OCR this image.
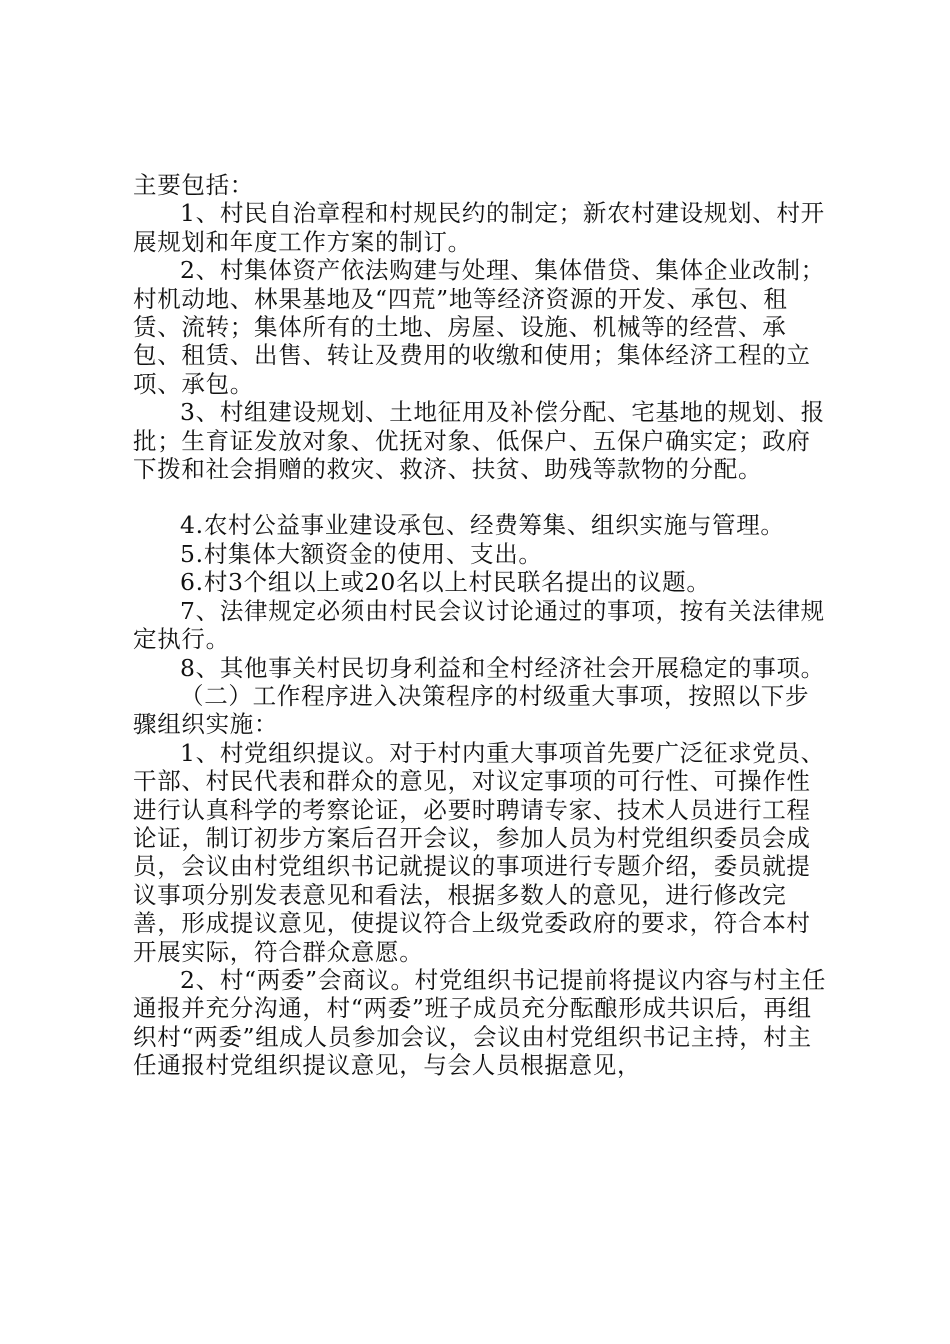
主要包括：

1、村民自治章程和村规民约的制定；新农村建设规划、村开展规划和年度工作方案的制订。

2、村集体资产依法购建与处理、集体借贷、集体企业改制；村机动地、林果基地及“四荒”地等经济资源的开发、承包、租赁、流转；集体所有的土地、房屋、设施、机械等的经营、承包、租赁、出售、转让及费用的收缴和使用；集体经济工程的立项、承包。

3、村组建设规划、土地征用及补偿分配、宅基地的规划、报批；生育证发放对象、优抚对象、低保户、五保户确实定；政府下拨和社会捐赠的救灾、救济、扶贫、助残等款物的分配。

4.农村公益事业建设承包、经费筹集、组织实施与管理。

5.村集体大额资金的使用、支出。

6.村3个组以上或20名以上村民联名提出的议题。

7、法律规定必须由村民会议讨论通过的事项，按有关法律规定执行。

8、其他事关村民切身利益和全村经济社会开展稳定的事项。

（二）工作程序进入决策程序的村级重大事项，按照以下步骤组织实施：

1、村党组织提议。对于村内重大事项首先要广泛征求党员、干部、村民代表和群众的意见，对议定事项的可行性、可操作性进行认真科学的考察论证，必要时聘请专家、技术人员进行工程论证，制订初步方案后召开会议，参加人员为村党组织委员会成员，会议由村党组织书记就提议的事项进行专题介绍，委员就提议事项分别发表意见和看法，根据多数人的意见，进行修改完善，形成提议意见，使提议符合上级党委政府的要求，符合本村开展实际，符合群众意愿。

2、村“两委”会商议。村党组织书记提前将提议内容与村主任通报并充分沟通，村“两委”班子成员充分酝酿形成共识后，再组织村“两委”组成人员参加会议，会议由村党组织书记主持，村主任通报村党组织提议意见，与会人员根据意见，
